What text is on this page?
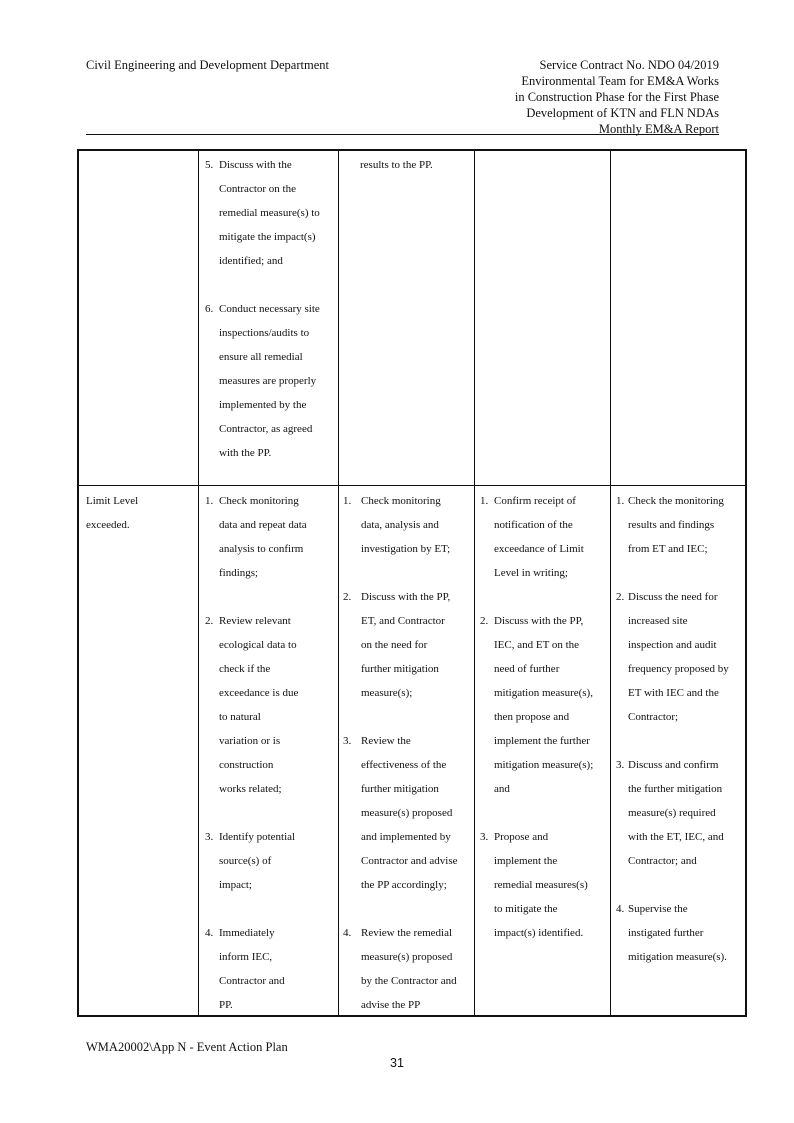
Civil Engineering and Development Department	Service Contract No. NDO 04/2019
Environmental Team for EM&A Works
in Construction Phase for the First Phase
Development of KTN and FLN NDAs
Monthly EM&A Report
5. Discuss with the
Contractor on the
remedial measure(s) to
mitigate the impact(s)
identified; and
6. Conduct necessary site
inspections/audits to
ensure all remedial
measures are properly
implemented by the
Contractor, as agreed
with the PP.
results to the PP.
Limit Level
exceeded.
1. Check monitoring
data and repeat data
analysis to confirm
findings;
2. Review relevant
ecological data to
check if the
exceedance is due
to natural
variation or is
construction
works related;
3. Identify potential
source(s) of
impact;
4. Immediately
inform IEC,
Contractor and
PP.
1. Check monitoring
data, analysis and
investigation by ET;
2. Discuss with the PP,
ET, and Contractor
on the need for
further mitigation
measure(s);
3. Review the
effectiveness of the
further mitigation
measure(s) proposed
and implemented by
Contractor and advise
the PP accordingly;
4. Review the remedial
measure(s) proposed
by the Contractor and
advise the PP
1. Confirm receipt of
notification of the
exceedance of Limit
Level in writing;
2. Discuss with the PP,
IEC, and ET on the
need of further
mitigation measure(s),
then propose and
implement the further
mitigation measure(s);
and
3. Propose and
implement the
remedial measures(s)
to mitigate the
impact(s) identified.
1. Check the monitoring
results and findings
from ET and IEC;
2. Discuss the need for
increased site
inspection and audit
frequency proposed by
ET with IEC and the
Contractor;
3. Discuss and confirm
the further mitigation
measure(s) required
with the ET, IEC, and
Contractor; and
4. Supervise the
instigated further
mitigation measure(s).
WMA20002\App N - Event Action Plan
31
